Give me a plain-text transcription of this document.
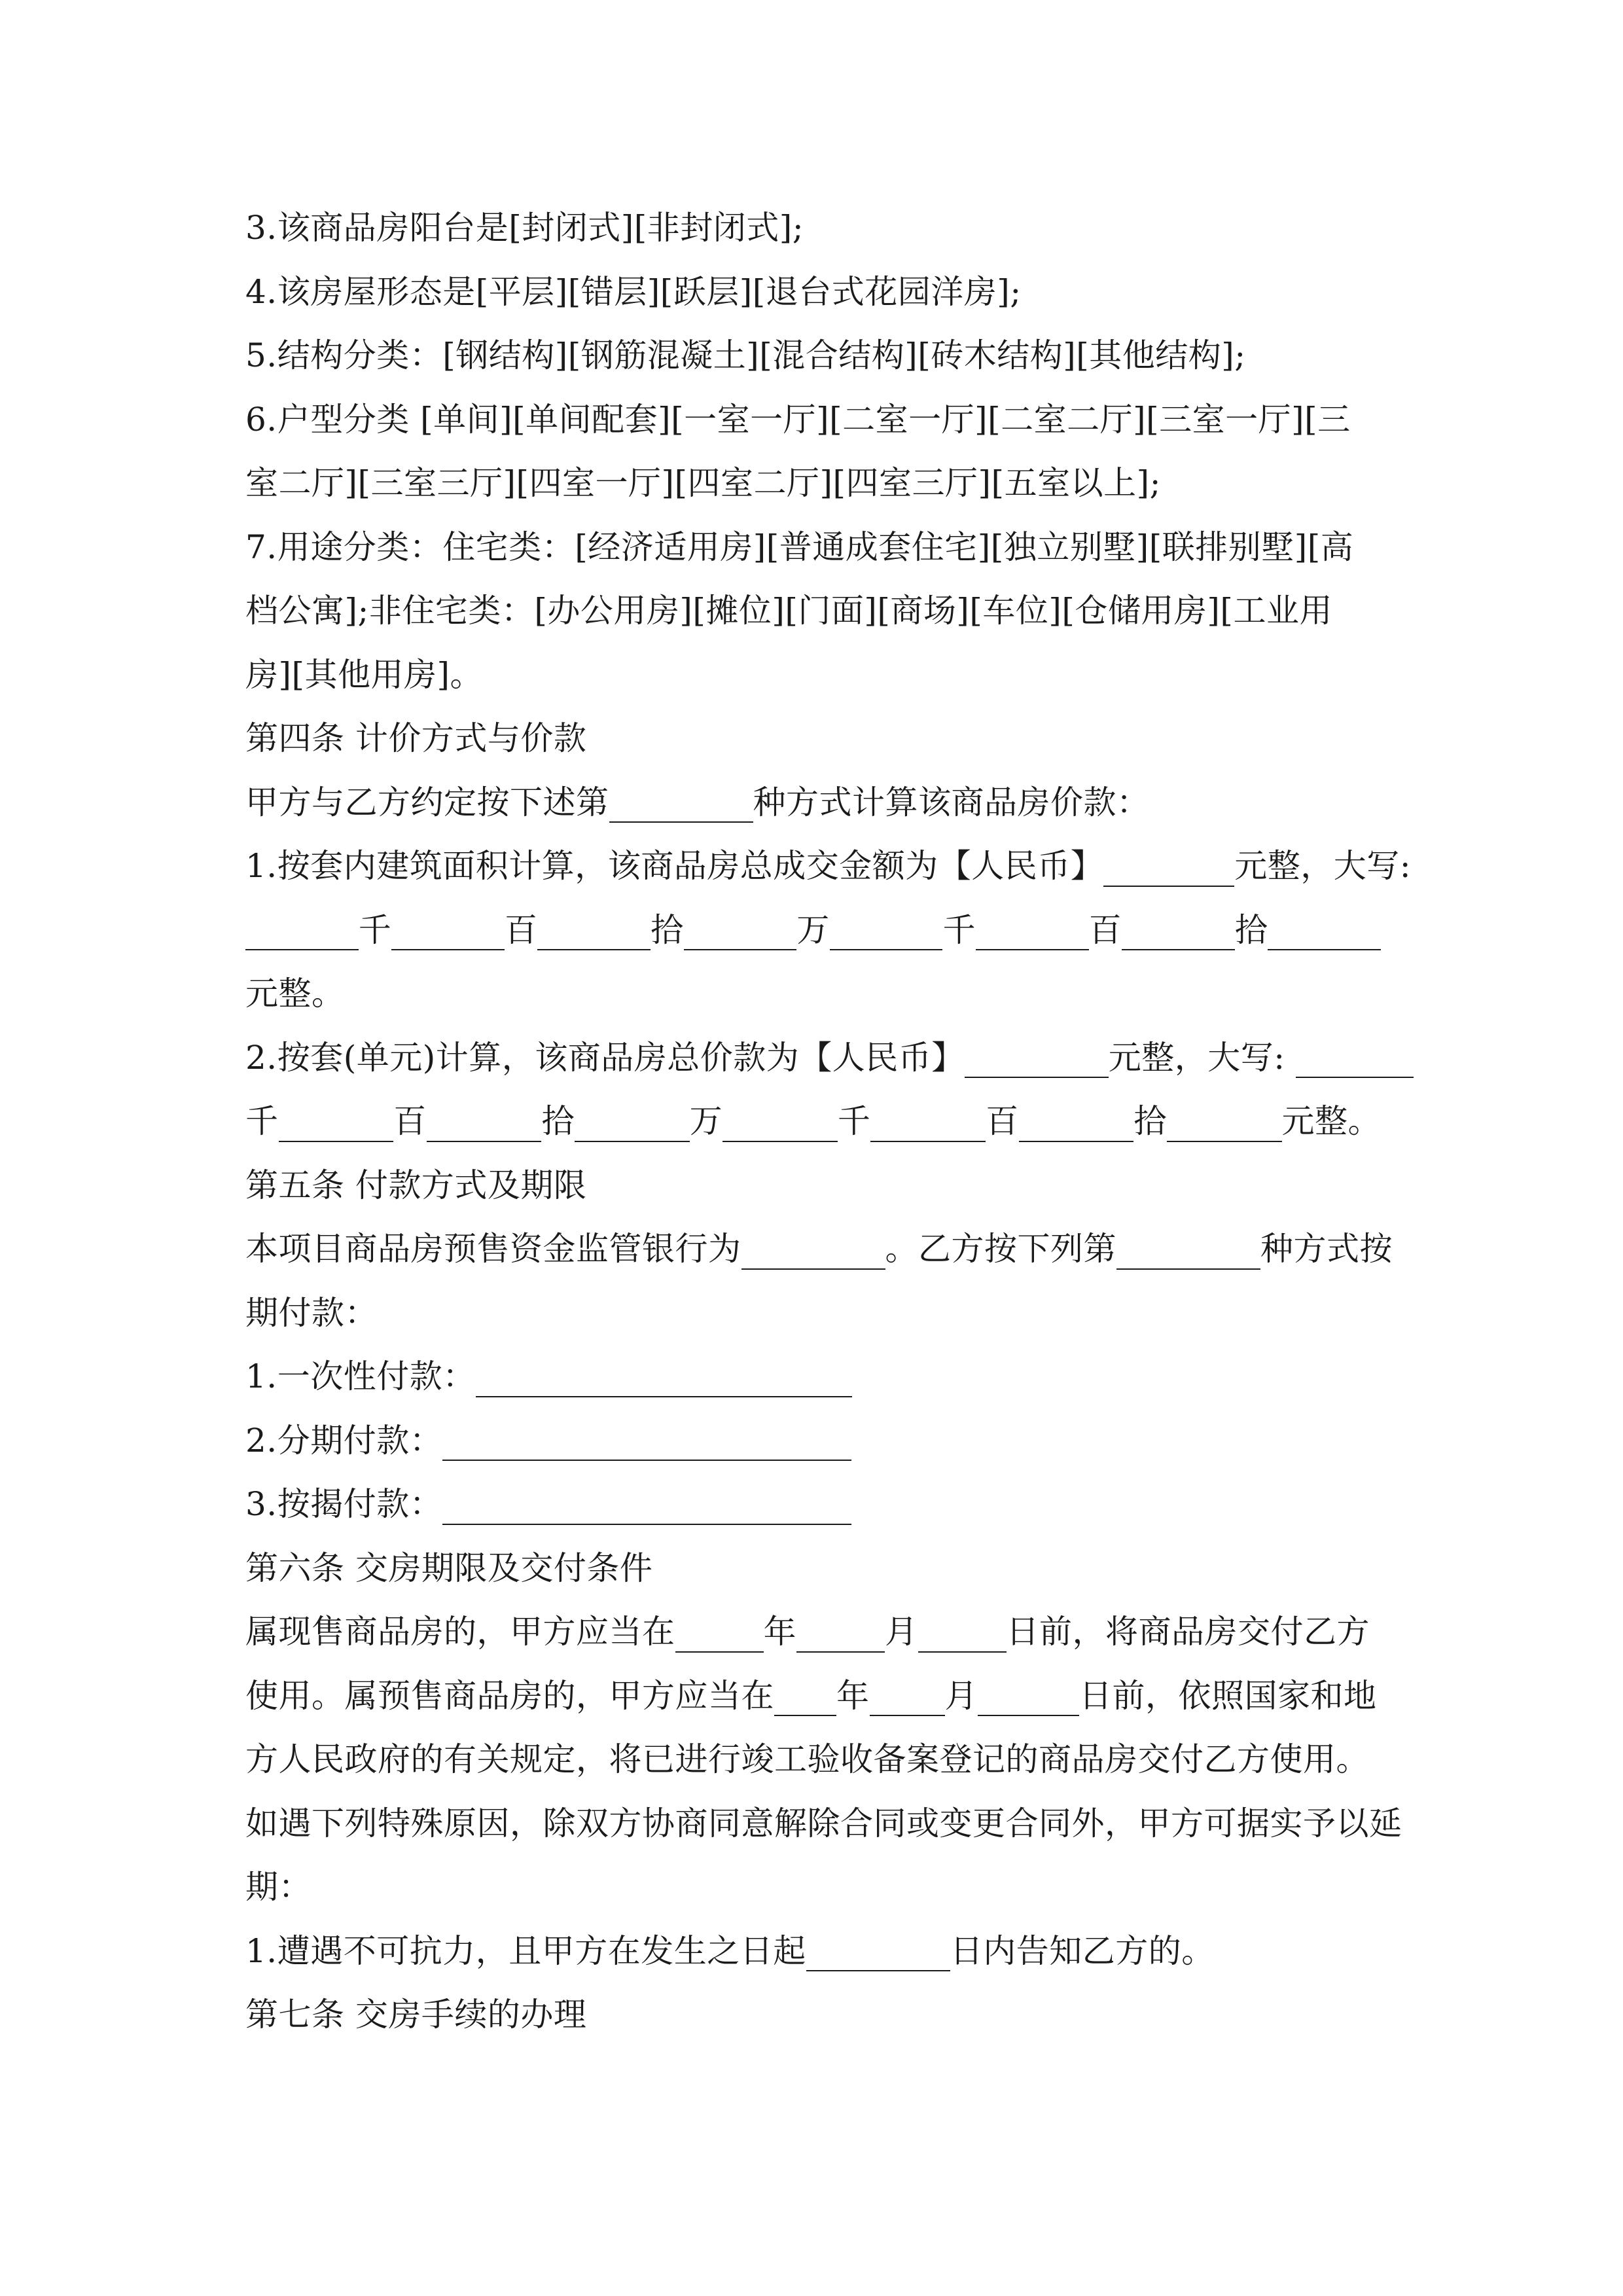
3.该商品房阳台是[封闭式][非封闭式];
4.该房屋形态是[平层][错层][跃层][退台式花园洋房];
5.结构分类：[钢结构][钢筋混凝土][混合结构][砖木结构][其他结构];
6.户型分类 [单间][单间配套][一室一厅][二室一厅][二室二厅][三室一厅][三
室二厅][三室三厅][四室一厅][四室二厅][四室三厅][五室以上];
7.用途分类：住宅类：[经济适用房][普通成套住宅][独立别墅][联排别墅][高
档公寓];非住宅类：[办公用房][摊位][门面][商场][车位][仓储用房][工业用
房][其他用房]。
第四条 计价方式与价款
甲方与乙方约定按下述第	种方式计算该商品房价款：
1.按套内建筑面积计算，该商品房总成交金额为【人民币】	元整，大写:
千	百	拾	万	千	百	拾
元整。
2.按套(单元)计算，该商品房总价款为【人民币】	元整，大写:
千	百	拾	万	千	百	拾	元整。
第五条 付款方式及期限
本项目商品房预售资金监管银行为	。乙方按下列第	种方式按
期付款：
1.一次性付款：
2.分期付款：
3.按揭付款：
第六条 交房期限及交付条件
属现售商品房的，甲方应当在	年	月	日前，将商品房交付乙方
使用。属预售商品房的，甲方应当在 年 月	日前，依照国家和地
方人民政府的有关规定，将已进行竣工验收备案登记的商品房交付乙方使用。
如遇下列特殊原因，除双方协商同意解除合同或变更合同外，甲方可据实予以延
期：
1.遭遇不可抗力，且甲方在发生之日起	日内告知乙方的。
第七条 交房手续的办理
